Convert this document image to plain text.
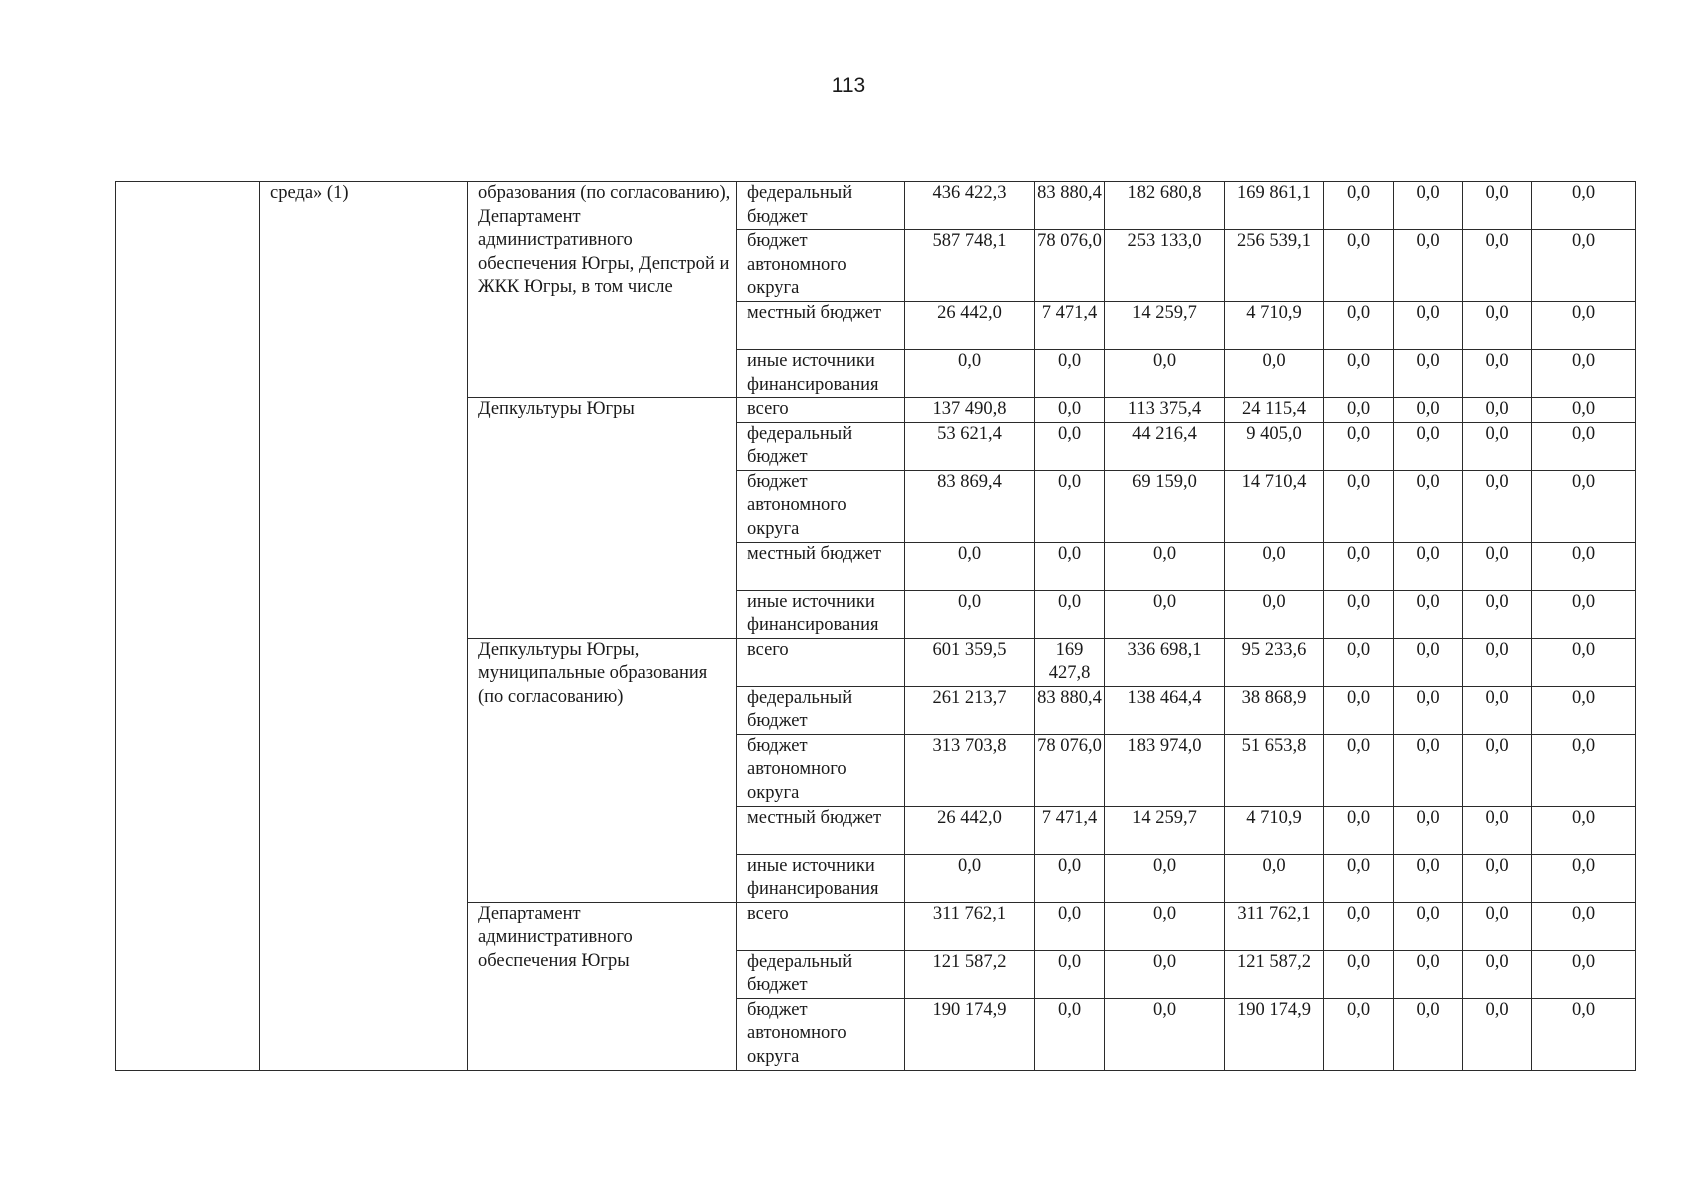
113
	среда» (1)	образования (по согласованию), Департамент административного обеспечения Югры, Депстрой и ЖКК Югры, в том числе	федеральный бюджет	436 422,3	83 880,4	182 680,8	169 861,1	0,0	0,0	0,0	0,0
			бюджет автономного округа	587 748,1	78 076,0	253 133,0	256 539,1	0,0	0,0	0,0	0,0
			местный бюджет	26 442,0	7 471,4	14 259,7	4 710,9	0,0	0,0	0,0	0,0
			иные источники финансирования	0,0	0,0	0,0	0,0	0,0	0,0	0,0	0,0
		Депкультуры Югры	всего	137 490,8	0,0	113 375,4	24 115,4	0,0	0,0	0,0	0,0
			федеральный бюджет	53 621,4	0,0	44 216,4	9 405,0	0,0	0,0	0,0	0,0
			бюджет автономного округа	83 869,4	0,0	69 159,0	14 710,4	0,0	0,0	0,0	0,0
			местный бюджет	0,0	0,0	0,0	0,0	0,0	0,0	0,0	0,0
			иные источники финансирования	0,0	0,0	0,0	0,0	0,0	0,0	0,0	0,0
		Депкультуры Югры, муниципальные образования (по согласованию)	всего	601 359,5	169 427,8	336 698,1	95 233,6	0,0	0,0	0,0	0,0
			федеральный бюджет	261 213,7	83 880,4	138 464,4	38 868,9	0,0	0,0	0,0	0,0
			бюджет автономного округа	313 703,8	78 076,0	183 974,0	51 653,8	0,0	0,0	0,0	0,0
			местный бюджет	26 442,0	7 471,4	14 259,7	4 710,9	0,0	0,0	0,0	0,0
			иные источники финансирования	0,0	0,0	0,0	0,0	0,0	0,0	0,0	0,0
		Департамент административного обеспечения Югры	всего	311 762,1	0,0	0,0	311 762,1	0,0	0,0	0,0	0,0
			федеральный бюджет	121 587,2	0,0	0,0	121 587,2	0,0	0,0	0,0	0,0
			бюджет автономного округа	190 174,9	0,0	0,0	190 174,9	0,0	0,0	0,0	0,0
